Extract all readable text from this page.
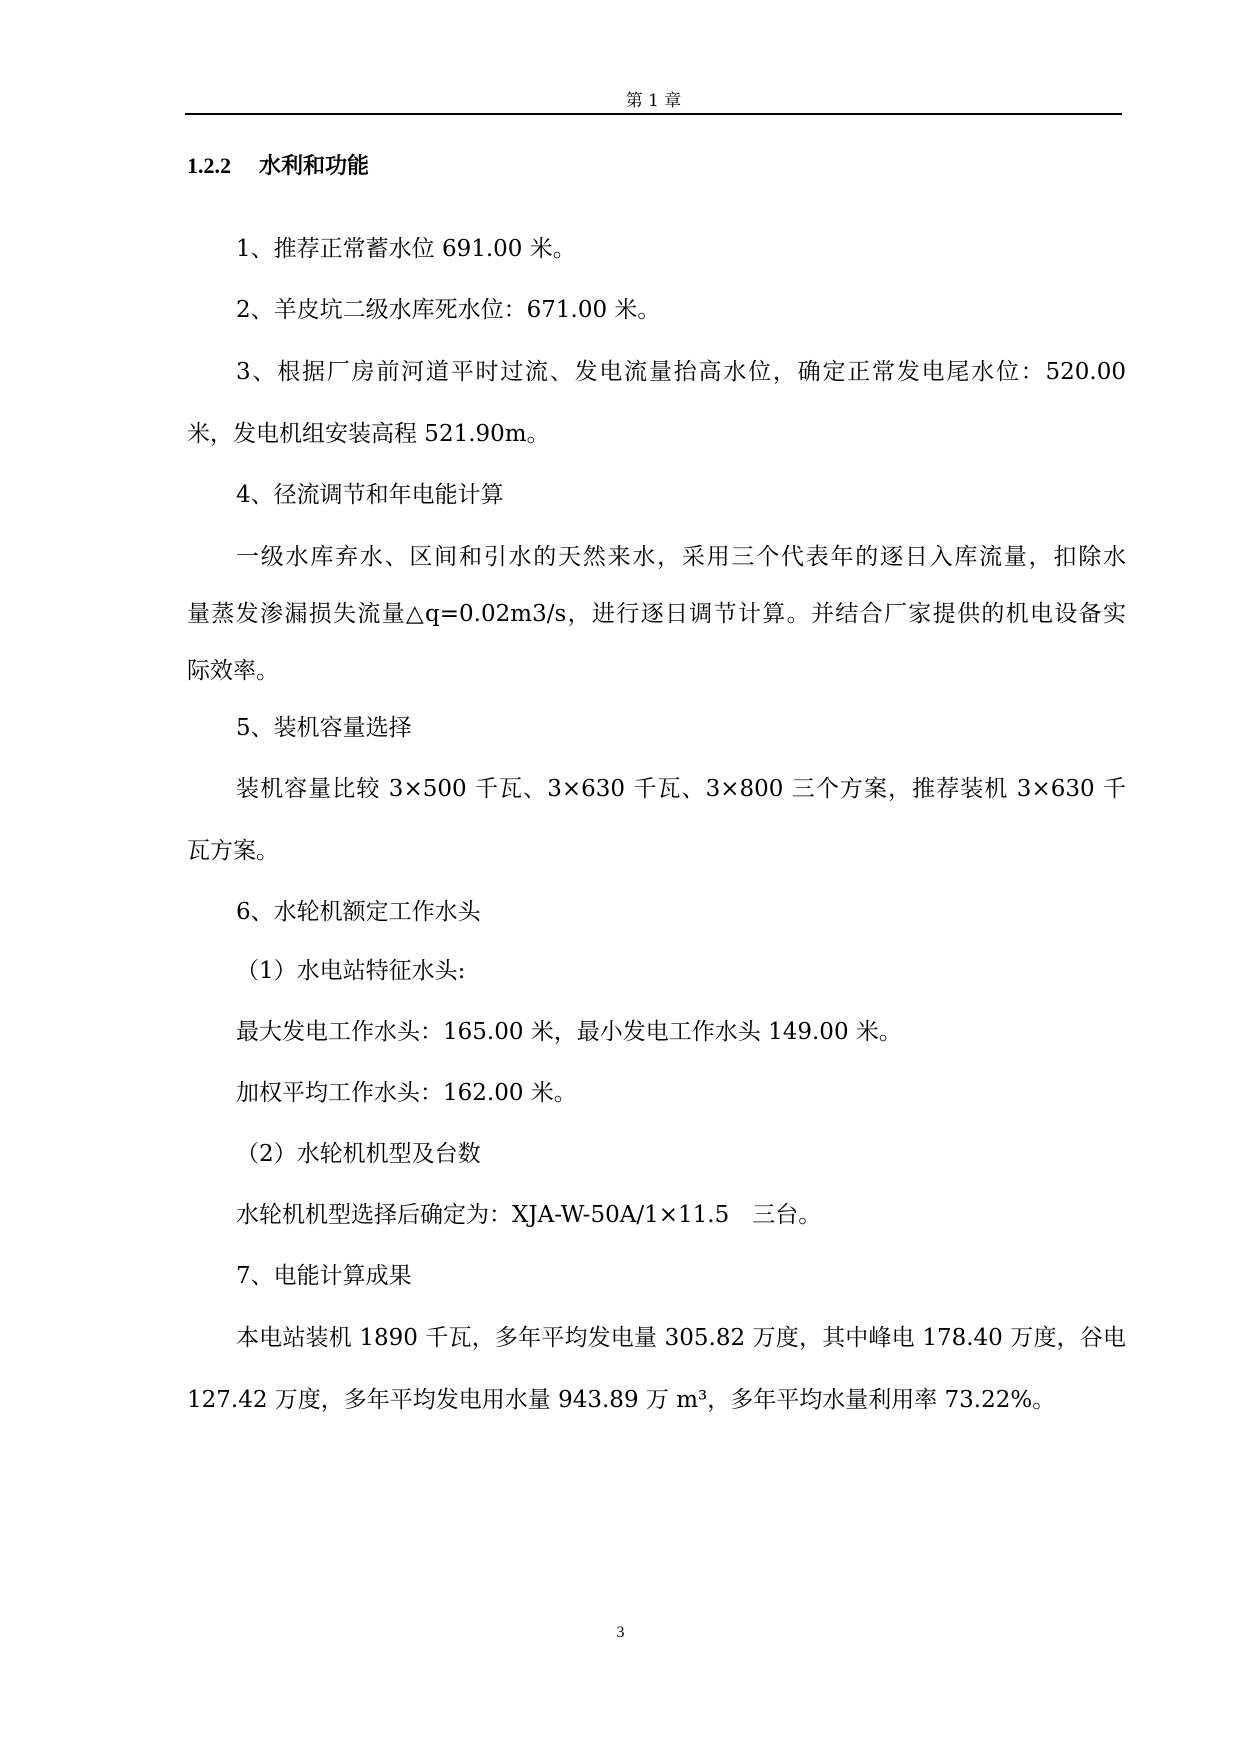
第 1 章
1.2.2 水利和功能
1、推荐正常蓄水位 691.00 米。
2、羊皮坑二级水库死水位：671.00 米。
3、根据厂房前河道平时过流、发电流量抬高水位，确定正常发电尾水位：520.00
米，发电机组安装高程 521.90m。
4、径流调节和年电能计算
一级水库弃水、区间和引水的天然来水，采用三个代表年的逐日入库流量，扣除水
量蒸发渗漏损失流量△q=0.02m3/s，进行逐日调节计算。并结合厂家提供的机电设备实
际效率。
5、装机容量选择
装机容量比较 3×500 千瓦、3×630 千瓦、3×800 三个方案，推荐装机 3×630 千
瓦方案。
6、水轮机额定工作水头
（1）水电站特征水头:
最大发电工作水头：165.00 米，最小发电工作水头 149.00 米。
加权平均工作水头：162.00 米。
（2）水轮机机型及台数
水轮机机型选择后确定为：XJA-W-50A/1×11.5　三台。
7、电能计算成果
本电站装机 1890 千瓦，多年平均发电量 305.82 万度，其中峰电 178.40 万度，谷电
127.42 万度，多年平均发电用水量 943.89 万 m³，多年平均水量利用率 73.22%。
3
